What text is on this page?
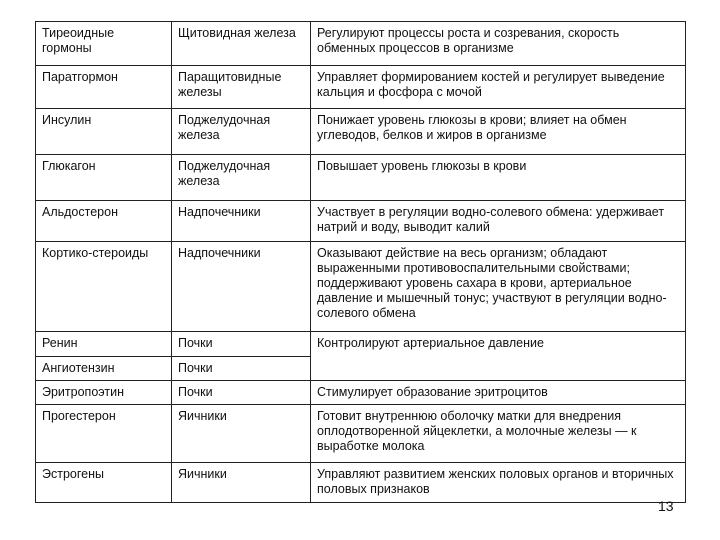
Тиреоидные гормоны	Щитовидная железа	Регулируют процессы роста и созревания, скорость обменных процессов в организме
Паратгормон	Паращитовидные железы	Управляет формированием костей и регулирует выведение кальция и фосфора с мочой
Инсулин	Поджелудочная железа	Понижает уровень глюкозы в крови; влияет на обмен углеводов, белков и жиров в организме
Глюкагон	Поджелудочная железа	Повышает уровень глюкозы в крови
Альдостерон	Надпочечники	Участвует в регуляции водно-солевого обмена: удерживает натрий и воду, выводит калий
Кортико-стероиды	Надпочечники	Оказывают действие на весь организм; обладают выраженными противовоспалительными свойствами; поддерживают уровень сахара в крови, артериальное давление и мышечный тонус; участвуют в регуляции водно-солевого обмена
Ренин	Почки	Контролируют артериальное давление
Ангиотензин	Почки	
Эритропоэтин	Почки	Стимулирует образование эритроцитов
Прогестерон	Яичники	Готовит внутреннюю оболочку матки для внедрения оплодотворенной яйцеклетки, а молочные железы — к выработке молока
Эстрогены	Яичники	Управляют развитием женских половых органов и вторичных половых признаков
13
